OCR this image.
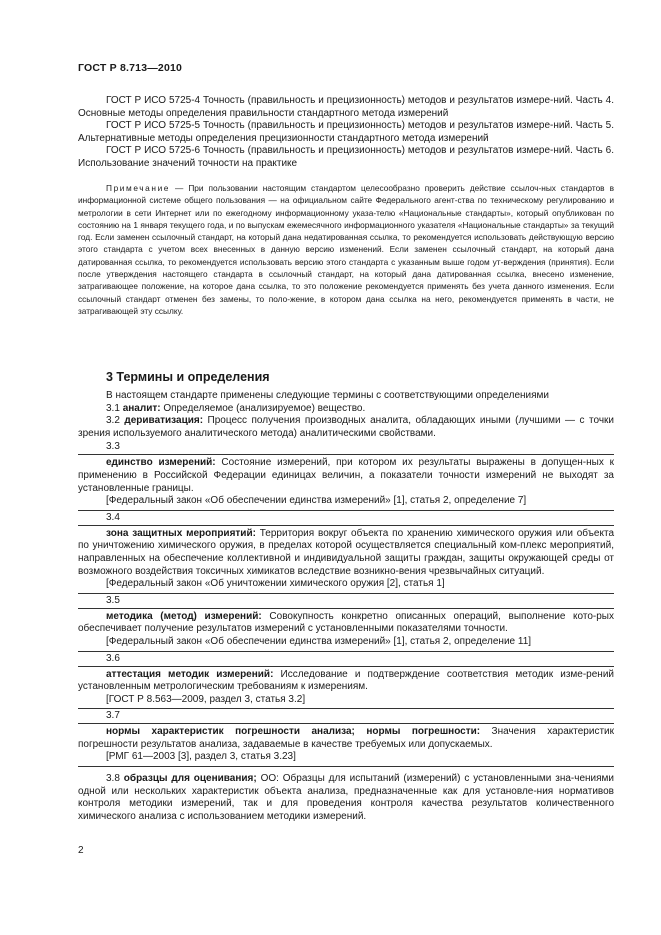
ГОСТ Р 8.713—2010

ГОСТ Р ИСО 5725-4 Точность (правильность и прецизионность) методов и результатов измере-ний. Часть 4. Основные методы определения правильности стандартного метода измерений

ГОСТ Р ИСО 5725-5 Точность (правильность и прецизионность) методов и результатов измере-ний. Часть 5. Альтернативные методы определения прецизионности стандартного метода измерений

ГОСТ Р ИСО 5725-6 Точность (правильность и прецизионность) методов и результатов измере-ний. Часть 6. Использование значений точности на практике

Примечание — При пользовании настоящим стандартом целесообразно проверить действие ссылоч-ных стандартов в информационной системе общего пользования — на официальном сайте Федерального агент-ства по техническому регулированию и метрологии в сети Интернет или по ежегодному информационному указа-телю «Национальные стандарты», который опубликован по состоянию на 1 января текущего года, и по выпускам ежемесячного информационного указателя «Национальные стандарты» за текущий год. Если заменен ссылочный стандарт, на который дана недатированная ссылка, то рекомендуется использовать действующую версию этого стандарта с учетом всех внесенных в данную версию изменений. Если заменен ссылочный стандарт, на который дана датированная ссылка, то рекомендуется использовать версию этого стандарта с указанным выше годом ут-верждения (принятия). Если после утверждения настоящего стандарта в ссылочный стандарт, на который дана датированная ссылка, внесено изменение, затрагивающее положение, на которое дана ссылка, то это положение рекомендуется применять без учета данного изменения. Если ссылочный стандарт отменен без замены, то поло-жение, в котором дана ссылка на него, рекомендуется применять в части, не затрагивающей эту ссылку.

3 Термины и определения

В настоящем стандарте применены следующие термины с соответствующими определениями

3.1 аналит: Определяемое (анализируемое) вещество.

3.2 дериватизация: Процесс получения производных аналита, обладающих иными (лучшими — с точки зрения используемого аналитического метода) аналитическими свойствами.

3.3

единство измерений: Состояние измерений, при котором их результаты выражены в допущен-ных к применению в Российской Федерации единицах величин, а показатели точности измерений не выходят за установленные границы.

[Федеральный закон «Об обеспечении единства измерений» [1], статья 2, определение 7]

3.4

зона защитных мероприятий: Территория вокруг объекта по хранению химического оружия или объекта по уничтожению химического оружия, в пределах которой осуществляется специальный ком-плекс мероприятий, направленных на обеспечение коллективной и индивидуальной защиты граждан, защиты окружающей среды от возможного воздействия токсичных химикатов вследствие возникно-вения чрезвычайных ситуаций.

[Федеральный закон «Об уничтожении химического оружия [2], статья 1]

3.5

методика (метод) измерений: Совокупность конкретно описанных операций, выполнение кото-рых обеспечивает получение результатов измерений с установленными показателями точности.

[Федеральный закон «Об обеспечении единства измерений» [1], статья 2, определение 11]

3.6

аттестация методик измерений: Исследование и подтверждение соответствия методик изме-рений установленным метрологическим требованиям к измерениям.

[ГОСТ Р 8.563—2009, раздел 3, статья 3.2]

3.7

нормы характеристик погрешности анализа; нормы погрешности: Значения характеристик погрешности результатов анализа, задаваемые в качестве требуемых или допускаемых.

[РМГ 61—2003 [3], раздел 3, статья 3.23]

3.8 образцы для оценивания; ОО: Образцы для испытаний (измерений) с установленными зна-чениями одной или нескольких характеристик объекта анализа, предназначенные как для установле-ния нормативов контроля методики измерений, так и для проведения контроля качества результатов количественного химического анализа с использованием методики измерений.

2
